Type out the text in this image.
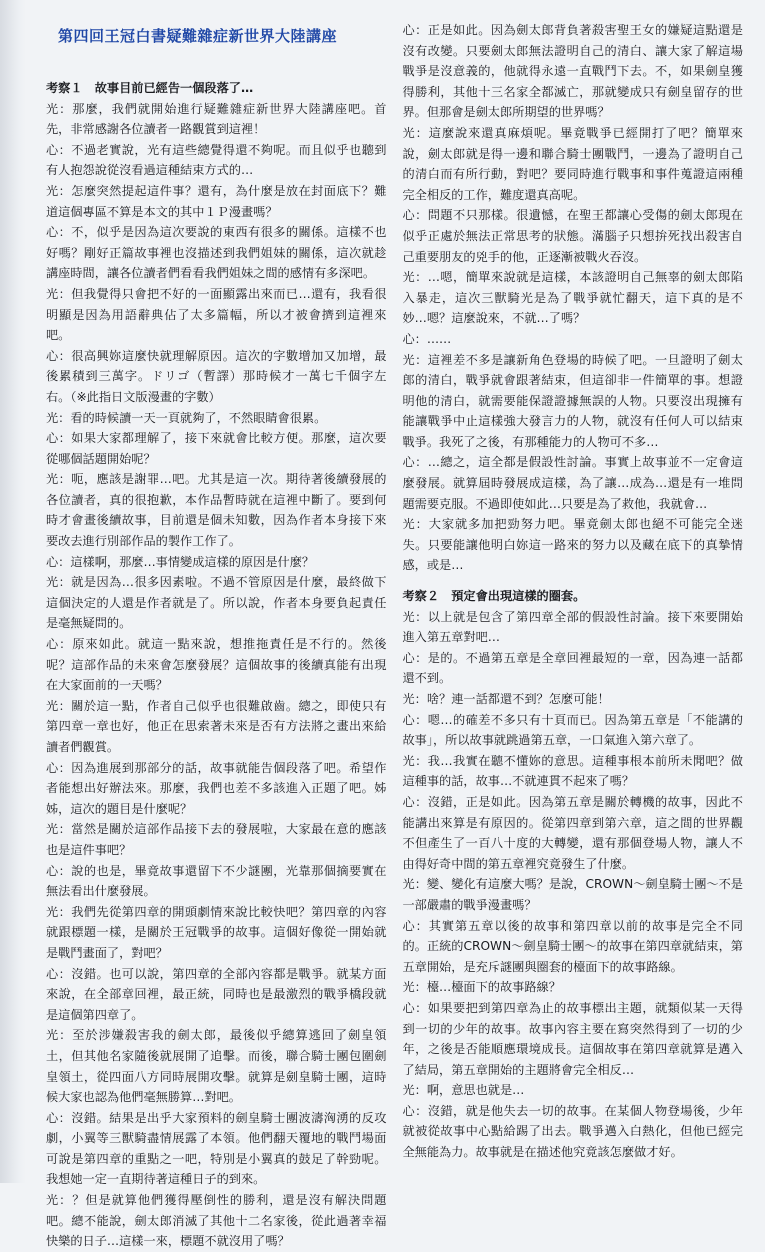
第四回王冠白書疑難雜症新世界大陸講座
考察１　故事目前已經告一個段落了…
光：那麼，我們就開始進行疑難雜症新世界大陸講座吧。首先，非常感謝各位讀者一路觀賞到這裡！
心：不過老實說，光有這些總覺得還不夠呢。而且似乎也聽到有人抱怨說從沒看過這種結束方式的…
光：怎麼突然提起這件事？還有，為什麼是放在封面底下？難道這個專區不算是本文的其中１Ｐ漫畫嗎？
心：不，似乎是因為這次要說的東西有很多的關係。這樣不也好嗎？剛好正篇故事裡也沒描述到我們姐妹的關係，這次就趁講座時間，讓各位讀者們看看我們姐妹之間的感情有多深吧。
光：但我覺得只會把不好的一面顯露出來而已…還有，我看很明顯是因為用語辭典佔了太多篇幅，所以才被會擠到這裡來吧。
心：很高興妳這麼快就理解原因。這次的字數增加又加增，最後累積到三萬字。ドリゴ（暫譯）那時候才一萬七千個字左右。（※此指日文版漫畫的字數）
光：看的時候讀一天一頁就夠了，不然眼睛會很累。
心：如果大家都理解了，接下來就會比較方便。那麼，這次要從哪個話題開始呢？
光：呃，應該是謝罪…吧。尤其是這一次。期待著後續發展的各位讀者，真的很抱歉，本作品暫時就在這裡中斷了。要到何時才會畫後續故事，目前還是個未知數，因為作者本身接下來要改去進行別部作品的製作工作了。
心：這樣啊，那麼…事情變成這樣的原因是什麼？
光：就是因為…很多因素啦。不過不管原因是什麼，最終做下這個決定的人還是作者就是了。所以說，作者本身要負起責任是毫無疑問的。
心：原來如此。就這一點來說，想推拖責任是不行的。然後呢？這部作品的未來會怎麼發展？這個故事的後續真能有出現在大家面前的一天嗎？
光：關於這一點，作者自己似乎也很難啟齒。總之，即使只有第四章一章也好，他正在思索著未來是否有方法將之畫出來給讀者們觀賞。
心：因為進展到那部分的話，故事就能告個段落了吧。希望作者能想出好辦法來。那麼，我們也差不多該進入正題了吧。姊姊，這次的題目是什麼呢？
光：當然是關於這部作品接下去的發展啦，大家最在意的應該也是這件事吧？
心：說的也是，畢竟故事還留下不少謎團，光靠那個摘要實在無法看出什麼發展。
光：我們先從第四章的開頭劇情來說比較快吧？第四章的內容就跟標題一樣，是關於王冠戰爭的故事。這個好像從一開始就是戰鬥畫面了，對吧？
心：沒錯。也可以說，第四章的全部內容都是戰爭。就某方面來說，在全部章回裡，最正統，同時也是最激烈的戰爭橋段就是這個第四章了。
光：至於涉嫌殺害我的劍太郎，最後似乎總算逃回了劍皇領土，但其他名家隨後就展開了追擊。而後，聯合騎士團包圍劍皇領土，從四面八方同時展開攻擊。就算是劍皇騎士團，這時候大家也認為他們毫無勝算…對吧。
心：沒錯。結果是出乎大家預料的劍皇騎士團波濤洶湧的反攻劇，小翼等三獸騎盡情展露了本領。他們翻天覆地的戰鬥場面可說是第四章的重點之一吧，特別是小翼真的鼓足了幹勁呢。我想她一定一直期待著這種日子的到來。
光：？但是就算他們獲得壓倒性的勝利，還是沒有解決問題吧。總不能說，劍太郎消滅了其他十二名家後，從此過著幸福快樂的日子…這樣一來，標題不就沒用了嗎？
心：正是如此。因為劍太郎背負著殺害聖王女的嫌疑這點還是沒有改變。只要劍太郎無法證明自己的清白、讓大家了解這場戰爭是沒意義的，他就得永遠一直戰鬥下去。不，如果劍皇獲得勝利，其他十三名家全都滅亡，那就變成只有劍皇留存的世界。但那會是劍太郎所期望的世界嗎？
光：這麼說來還真麻煩呢。畢竟戰爭已經開打了吧？簡單來說，劍太郎就是得一邊和聯合騎士團戰鬥，一邊為了證明自己的清白而有所行動，對吧？要同時進行戰事和事件蒐證這兩種完全相反的工作，難度還真高呢。
心：問題不只那樣。很遺憾，在聖王都讓心受傷的劍太郎現在似乎正處於無法正常思考的狀態。滿腦子只想拚死找出殺害自己重要朋友的兇手的他，正逐漸被戰火吞沒。
光：…嗯，簡單來說就是這樣，本該證明自己無辜的劍太郎陷入暴走，這次三獸騎光是為了戰爭就忙翻天，這下真的是不妙…嗯？這麼說來，不就…了嗎？
心：……
光：這裡差不多是讓新角色登場的時候了吧。一旦證明了劍太郎的清白，戰爭就會跟著結束，但這卻非一件簡單的事。想證明他的清白，就需要能保證證據無誤的人物。只要沒出現擁有能讓戰爭中止這樣強大發言力的人物，就沒有任何人可以結束戰爭。我死了之後，有那種能力的人物可不多…
心：…總之，這全都是假設性討論。事實上故事並不一定會這麼發展。就算屆時發展成這樣，為了讓…成為…還是有一堆問題需要克服。不過即使如此…只要是為了救他，我就會…
光：大家就多加把勁努力吧。畢竟劍太郎也絕不可能完全迷失。只要能讓他明白妳這一路來的努力以及藏在底下的真摯情感，或是…
考察２　預定會出現這樣的圈套。
光：以上就是包含了第四章全部的假設性討論。接下來要開始進入第五章對吧…
心：是的。不過第五章是全章回裡最短的一章，因為連一話都還不到。
光：啥？連一話都還不到？怎麼可能！
心：嗯…的確差不多只有十頁而已。因為第五章是「不能講的故事」，所以故事就跳過第五章，一口氣進入第六章了。
光：我…我實在聽不懂妳的意思。這種事根本前所未聞吧？做這種事的話，故事…不就連貫不起來了嗎？
心：沒錯，正是如此。因為第五章是關於轉機的故事，因此不能講出來算是有原因的。從第四章到第六章，這之間的世界觀不但產生了一百八十度的大轉變，還有那個登場人物，讓人不由得好奇中間的第五章裡究竟發生了什麼。
光：變、變化有這麼大嗎？是說，CROWN〜劍皇騎士團〜不是一部嚴肅的戰爭漫畫嗎？
心：其實第五章以後的故事和第四章以前的故事是完全不同的。正統的CROWN〜劍皇騎士團〜的故事在第四章就結束，第五章開始，是充斥謎團與圈套的檯面下的故事路線。
光：檯…檯面下的故事路線？
心：如果要把到第四章為止的故事標出主題，就類似某一天得到一切的少年的故事。故事內容主要在寫突然得到了一切的少年，之後是否能順應環境成長。這個故事在第四章就算是邁入了結局，第五章開始的主題將會完全相反…
光：啊，意思也就是…
心：沒錯，就是他失去一切的故事。在某個人物登場後，少年就被從故事中心點給踢了出去。戰爭邁入白熱化，但他已經完全無能為力。故事就是在描述他究竟該怎麼做才好。
